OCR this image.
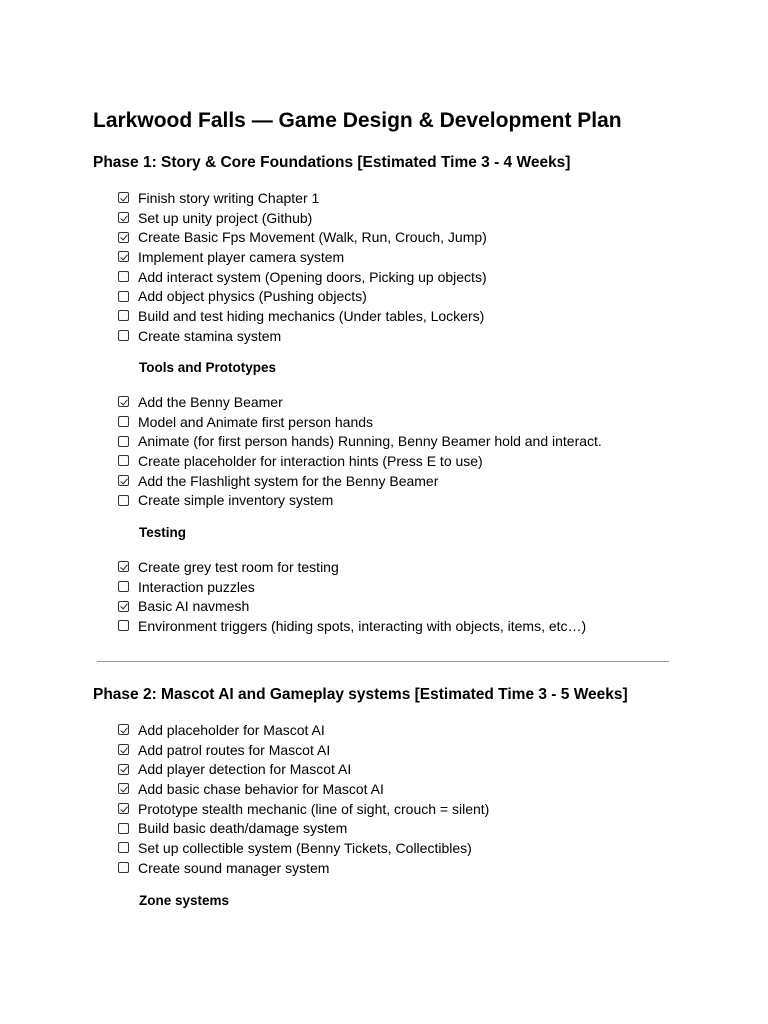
Larkwood Falls — Game Design & Development Plan
Phase 1: Story & Core Foundations [Estimated Time 3 - 4 Weeks]
Finish story writing Chapter 1
Set up unity project (Github)
Create Basic Fps Movement (Walk, Run, Crouch, Jump)
Implement player camera system
Add interact system (Opening doors, Picking up objects)
Add object physics (Pushing objects)
Build and test hiding mechanics (Under tables, Lockers)
Create stamina system
Tools and Prototypes
Add the Benny Beamer
Model and Animate first person hands
Animate (for first person hands) Running, Benny Beamer hold and interact.
Create placeholder for interaction hints (Press E to use)
Add the Flashlight system for the Benny Beamer
Create simple inventory system
Testing
Create grey test room for testing
Interaction puzzles
Basic AI navmesh
Environment triggers (hiding spots, interacting with objects, items, etc…)
Phase 2: Mascot AI and Gameplay systems [Estimated Time 3 - 5 Weeks]
Add placeholder for Mascot AI
Add patrol routes for Mascot AI
Add player detection for Mascot AI
Add basic chase behavior for Mascot AI
Prototype stealth mechanic (line of sight, crouch = silent)
Build basic death/damage system
Set up collectible system (Benny Tickets, Collectibles)
Create sound manager system
Zone systems
